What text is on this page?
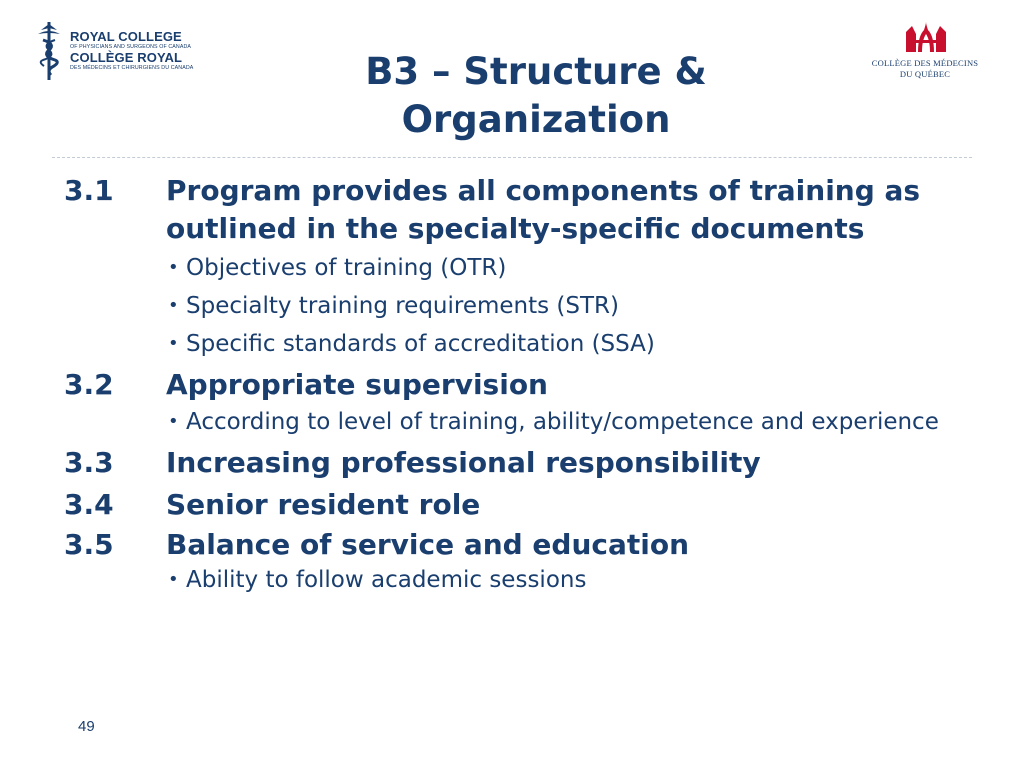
ROYAL COLLEGE
OF PHYSICIANS AND SURGEONS OF CANADA
COLLÈGE ROYAL
DES MÉDECINS ET CHIRURGIENS DU CANADA	COLLÈGE DES MÉDECINS
DU QUÉBEC
B3 – Structure &
Organization
3.1 Program provides all components of training as outlined in the specialty-specific documents
• Objectives of training (OTR)
• Specialty training requirements (STR)
• Specific standards of accreditation (SSA)
3.2 Appropriate supervision
• According to level of training, ability/competence and experience
3.3 Increasing professional responsibility
3.4 Senior resident role
3.5 Balance of service and education
• Ability to follow academic sessions
49
